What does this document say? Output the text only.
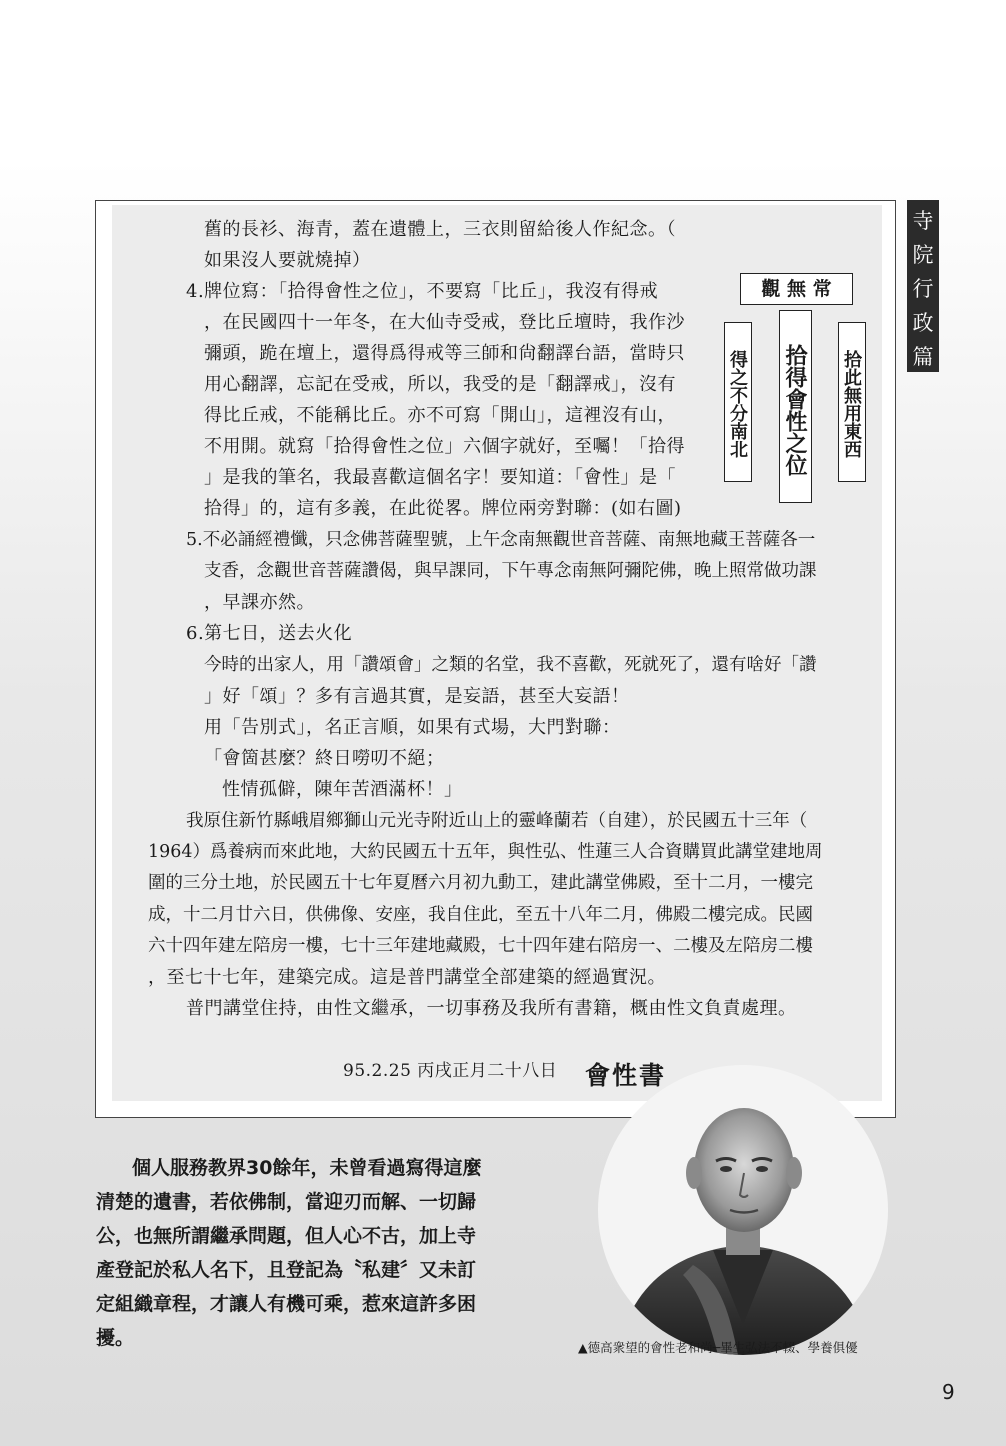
寺
院
行
政
篇
舊的長衫、海青，蓋在遺體上，三衣則留給後人作紀念。（
如果沒人要就燒掉）
4.牌位寫：「拾得會性之位」，不要寫「比丘」，我沒有得戒
，在民國四十一年冬，在大仙寺受戒，登比丘壇時，我作沙
彌頭，跪在壇上，還得爲得戒等三師和尙翻譯台語，當時只
用心翻譯，忘記在受戒，所以，我受的是「翻譯戒」，沒有
得比丘戒，不能稱比丘。亦不可寫「開山」，這裡沒有山，
不用開。就寫「拾得會性之位」六個字就好，至囑！「拾得
」是我的筆名，我最喜歡這個名字！要知道：「會性」是「
拾得」的，這有多義，在此從畧。牌位兩旁對聯：(如右圖)
5.不必誦經禮懺，只念佛菩薩聖號，上午念南無觀世音菩薩、南無地藏王菩薩各一
支香，念觀世音菩薩讚偈，與早課同，下午專念南無阿彌陀佛，晚上照常做功課
，早課亦然。
6.第七日，送去火化
今時的出家人，用「讚頌會」之類的名堂，我不喜歡，死就死了，還有啥好「讚
」好「頌」？多有言過其實，是妄語，甚至大妄語！
用「告別式」，名正言順，如果有式場，大門對聯：
「會箇甚麼？終日嘮叨不絕；
性情孤僻，陳年苦酒滿杯！」
我原住新竹縣峨眉鄉獅山元光寺附近山上的靈峰蘭若（自建），於民國五十三年（
1964）爲養病而來此地，大約民國五十五年，與性弘、性蓮三人合資購買此講堂建地周
圍的三分土地，於民國五十七年夏曆六月初九動工，建此講堂佛殿，至十二月，一樓完
成，十二月廿六日，供佛像、安座，我自住此，至五十八年二月，佛殿二樓完成。民國
六十四年建左陪房一樓，七十三年建地藏殿，七十四年建右陪房一、二樓及左陪房二樓
，至七十七年，建築完成。這是普門講堂全部建築的經過實況。
普門講堂住持，由性文繼承，一切事務及我所有書籍，概由性文負責處理。
95.2.25 丙戌正月二十八日 會性書
觀 無 常
得之不分南北 拾得會性之位 拾此無用東西
個人服務教界30餘年，未曾看過寫得這麼
清楚的遺書，若依佛制，當迎刃而解、一切歸
公，也無所謂繼承問題，但人心不古，加上寺
產登記於私人名下，且登記為〝私建〞又未訂
定組織章程，才讓人有機可乘，惹來這許多困
擾。	▲德高衆望的會性老和尚─畢生弘法不輟、學養俱優
9
